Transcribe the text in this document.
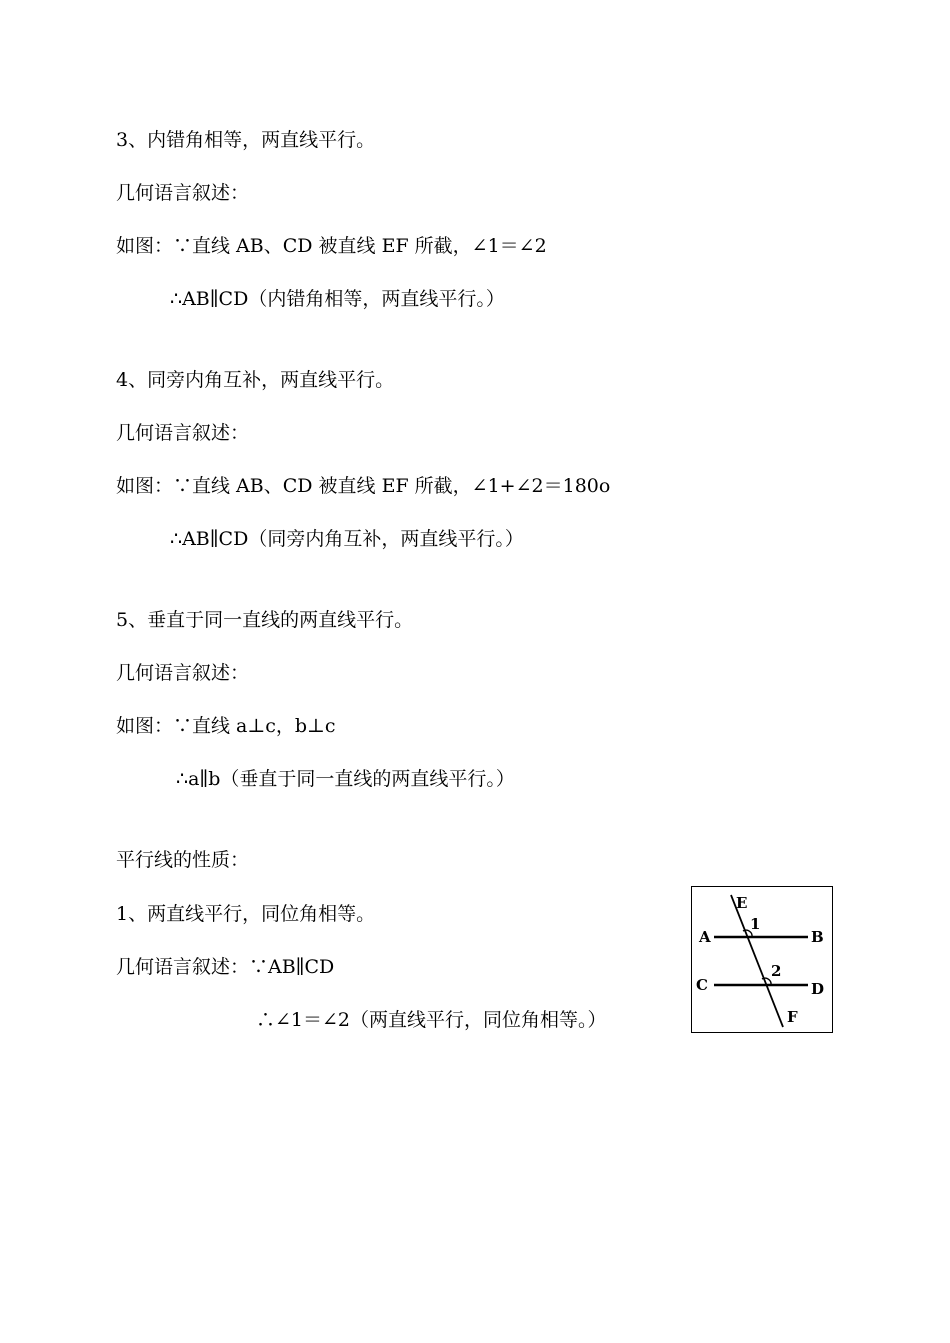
3、内错角相等，两直线平行。
几何语言叙述：
如图：∵直线 AB、CD 被直线 EF 所截，∠1＝∠2
∴AB∥CD（内错角相等，两直线平行。）
4、同旁内角互补，两直线平行。
几何语言叙述：
如图：∵直线 AB、CD 被直线 EF 所截，∠1+∠2＝180o
∴AB∥CD（同旁内角互补，两直线平行。）
5、垂直于同一直线的两直线平行。
几何语言叙述：
如图：∵直线 a⊥c，b⊥c
∴a∥b（垂直于同一直线的两直线平行。）
平行线的性质：
1、两直线平行，同位角相等。
几何语言叙述：∵AB∥CD
∴∠1＝∠2（两直线平行，同位角相等。）
E
1
A	B
2
C	D
F
